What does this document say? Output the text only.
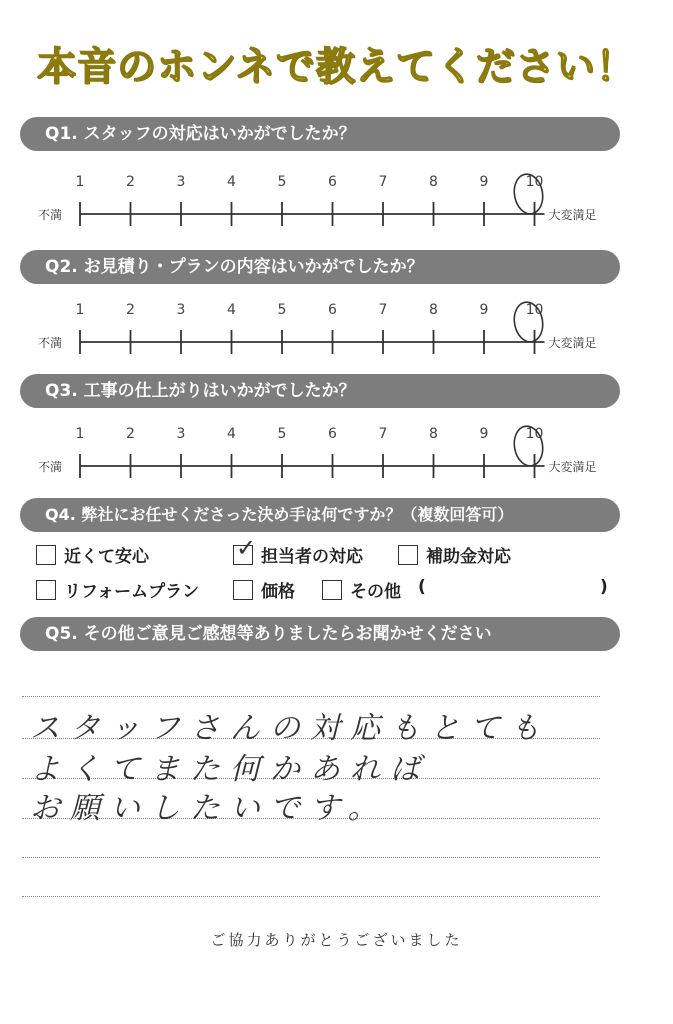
本音のホンネで教えてください！
Q1. スタッフの対応はいかがでしたか？
不満
1	2	3	4	5	6	7	8	9	10
大変満足
Q2. お見積り・プランの内容はいかがでしたか？
不満
1	2	3	4	5	6	7	8	9	10
大変満足
Q3. 工事の仕上がりはいかがでしたか？
不満
1	2	3	4	5	6	7	8	9	10
大変満足
Q4. 弊社にお任せくださった決め手は何ですか？（複数回答可）
近くて安心	✓ 担当者の対応	補助金対応
リフォームプラン	価格	その他 (	)
Q5. その他ご意見ご感想等ありましたらお聞かせください
スタッフさんの対応もとても
よくてまた何かあれば
お願いしたいです。
ご協力ありがとうございました
